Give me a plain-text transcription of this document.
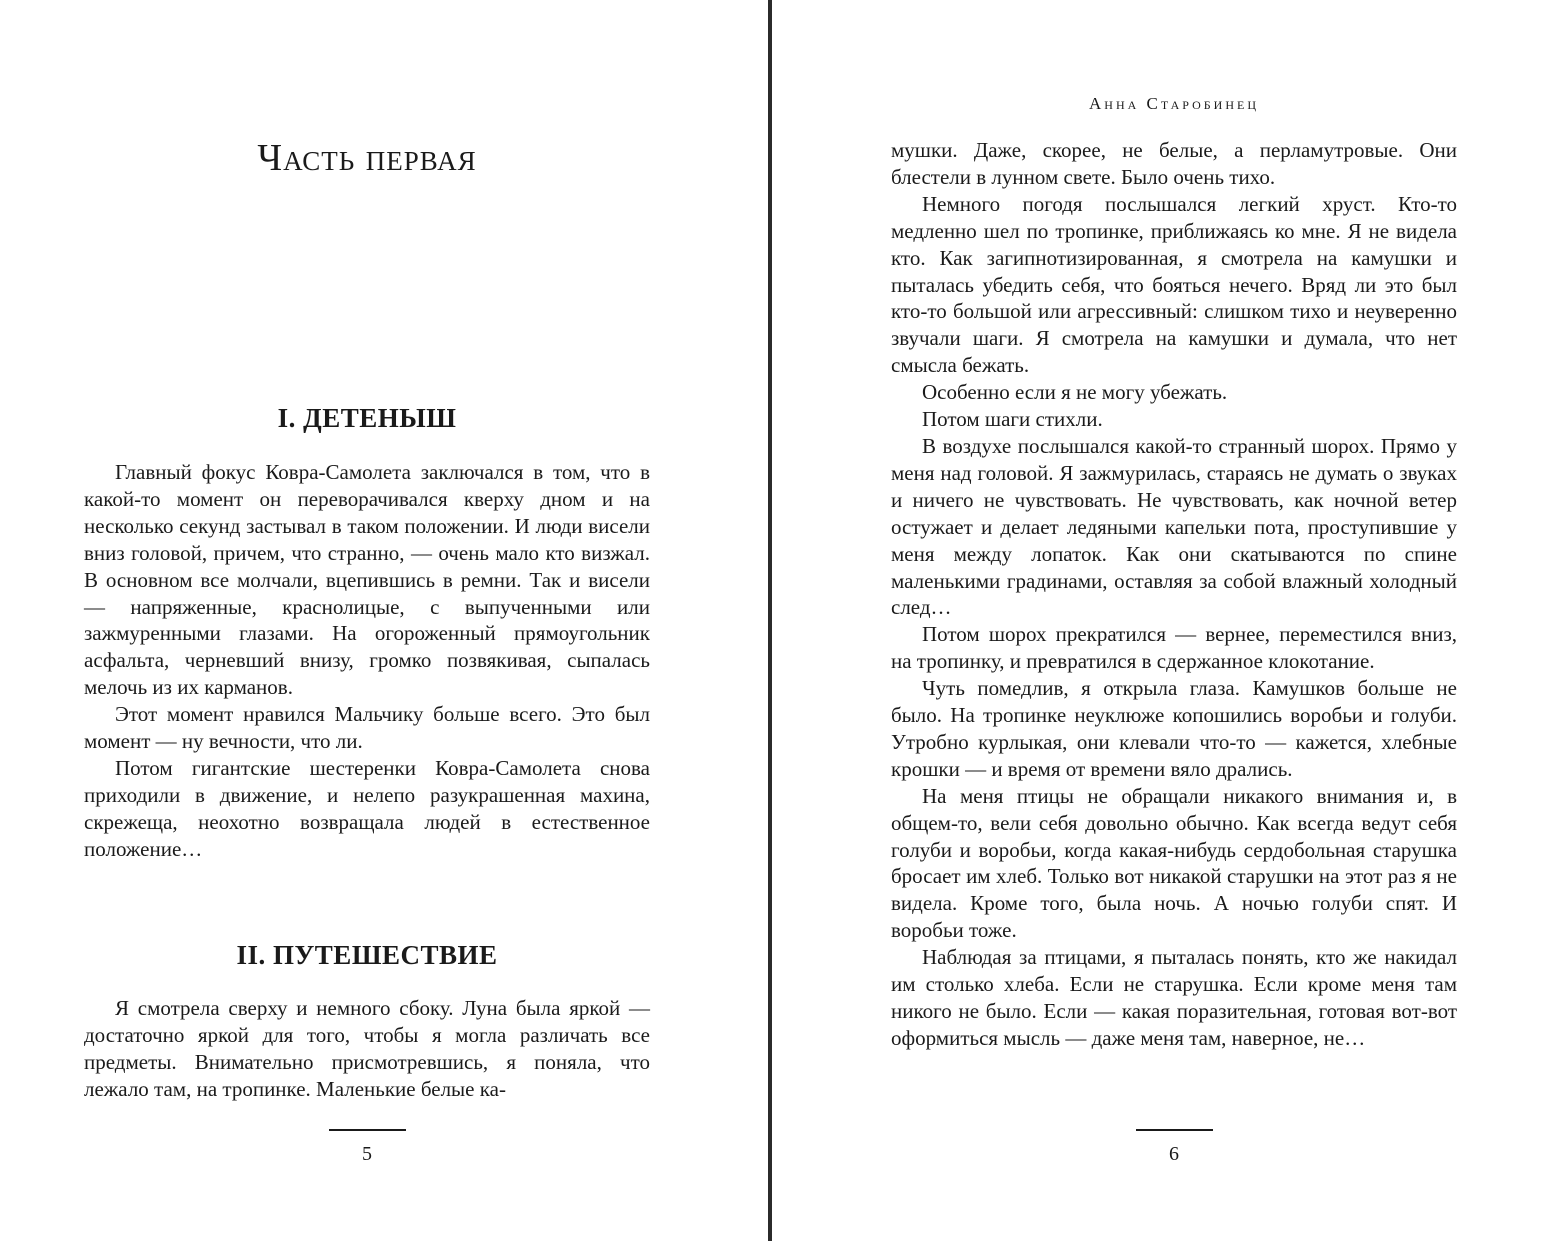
Часть первая
I. ДЕТЕНЫШ

Главный фокус Ковра-Самолета заключался в том, что в какой-то момент он переворачивался кверху дном и на несколько секунд застывал в таком положении. И люди висели вниз головой, причем, что странно, — очень мало кто визжал. В основном все молчали, вцепившись в ремни. Так и висели — напряженные, краснолицые, с выпученными или зажмуренными глазами. На огороженный прямоугольник асфальта, черневший внизу, громко позвякивая, сыпалась мелочь из их карманов.

Этот момент нравился Мальчику больше всего. Это был момент — ну вечности, что ли.

Потом гигантские шестеренки Ковра-Самолета снова приходили в движение, и нелепо разукрашенная махина, скрежеща, неохотно возвращала людей в естественное положение…

II. ПУТЕШЕСТВИЕ

Я смотрела сверху и немного сбоку. Луна была яркой — достаточно яркой для того, чтобы я могла различать все предметы. Внимательно присмотревшись, я поняла, что лежало там, на тропинке. Маленькие белые ка-

5
Анна Старобинец

мушки. Даже, скорее, не белые, а перламутровые. Они блестели в лунном свете. Было очень тихо.

Немного погодя послышался легкий хруст. Кто-то медленно шел по тропинке, приближаясь ко мне. Я не видела кто. Как загипнотизированная, я смотрела на камушки и пыталась убедить себя, что бояться нечего. Вряд ли это был кто-то большой или агрессивный: слишком тихо и неуверенно звучали шаги. Я смотрела на камушки и думала, что нет смысла бежать.

Особенно если я не могу убежать.

Потом шаги стихли.

В воздухе послышался какой-то странный шорох. Прямо у меня над головой. Я зажмурилась, стараясь не думать о звуках и ничего не чувствовать. Не чувствовать, как ночной ветер остужает и делает ледяными капельки пота, проступившие у меня между лопаток. Как они скатываются по спине маленькими градинами, оставляя за собой влажный холодный след…

Потом шорох прекратился — вернее, переместился вниз, на тропинку, и превратился в сдержанное клокотание.

Чуть помедлив, я открыла глаза. Камушков больше не было. На тропинке неуклюже копошились воробьи и голуби. Утробно курлыкая, они клевали что-то — кажется, хлебные крошки — и время от времени вяло дрались.

На меня птицы не обращали никакого внимания и, в общем-то, вели себя довольно обычно. Как всегда ведут себя голуби и воробьи, когда какая-нибудь сердобольная старушка бросает им хлеб. Только вот никакой старушки на этот раз я не видела. Кроме того, была ночь. А ночью голуби спят. И воробьи тоже.

Наблюдая за птицами, я пыталась понять, кто же накидал им столько хлеба. Если не старушка. Если кроме меня там никого не было. Если — какая поразительная, готовая вот-вот оформиться мысль — даже меня там, наверное, не…

6
